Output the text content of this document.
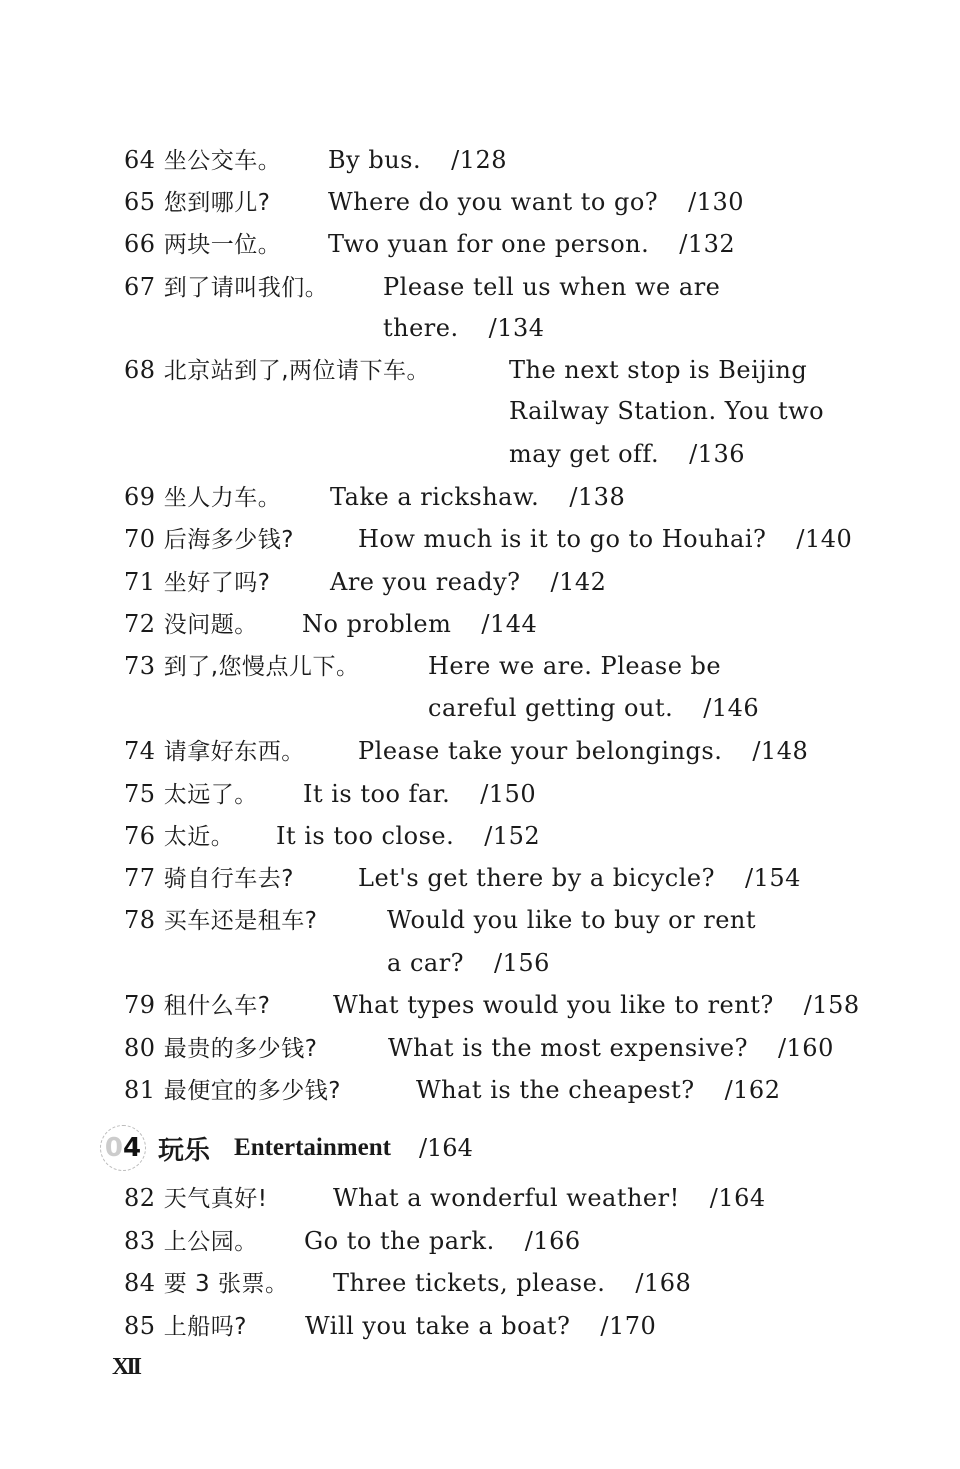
64 坐公交车。 By bus. /128
65 您到哪儿? Where do you want to go? /130
66 两块一位。 Two yuan for one person. /132
67 到了请叫我们。 Please tell us when we are
there. /134
68 北京站到了,两位请下车。	The next stop is Beijing
Railway Station. You two
may get off. /136
69 坐人力车。 Take a rickshaw. /138
70 后海多少钱?	How much is it to go to Houhai? /140
71 坐好了吗? Are you ready? /142
72 没问题。 No problem /144
73 到了,您慢点儿下。	Here we are. Please be
careful getting out. /146
74 请拿好东西。 Please take your belongings. /148
75 太远了。 It is too far. /150
76 太近。 It is too close. /152
77 骑自行车去?	Let's get there by a bicycle? /154
78 买车还是租车?	Would you like to buy or rent
a car? /156
79 租什么车?	What types would you like to rent? /158
80 最贵的多少钱?	What is the most expensive? /160
81 最便宜的多少钱?	What is the cheapest? /162
82 天气真好!	What a wonderful weather! /164
83 上公园。 Go to the park. /166
84 要 3 张票。 Three tickets, please. /168
85 上船吗? Will you take a boat? /170
0 4 玩乐 Entertainment /164
XII
